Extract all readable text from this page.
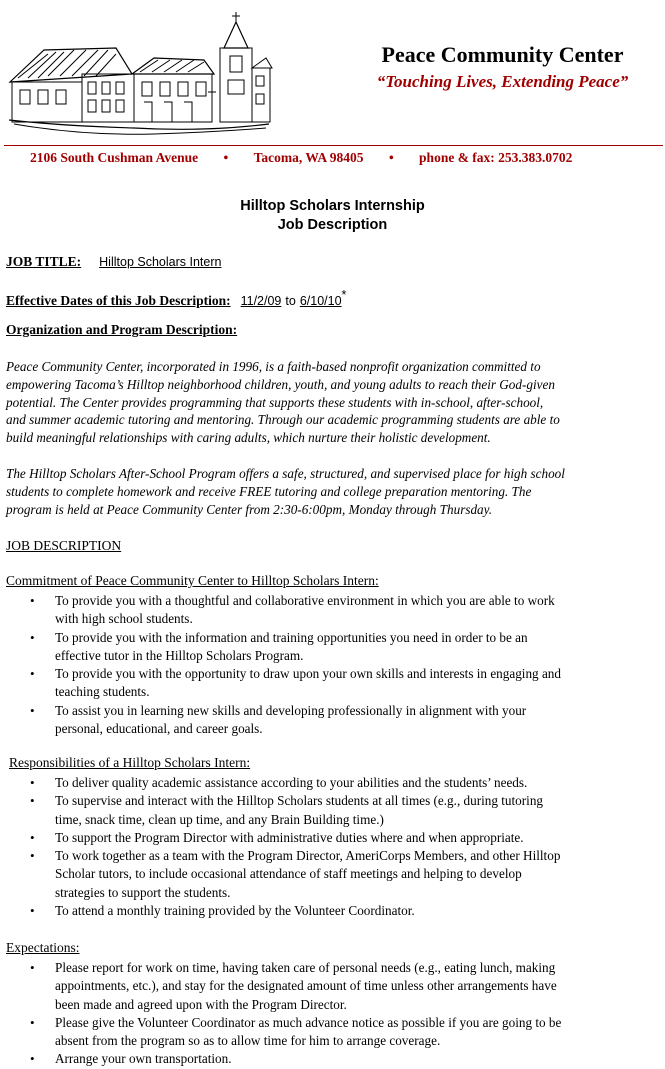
Peace Community Center
“Touching Lives, Extending Peace”
2106 South Cushman Avenue • Tacoma, WA 98405 • phone & fax: 253.383.0702
Hilltop Scholars Internship
Job Description
JOB TITLE: Hilltop Scholars Intern
Effective Dates of this Job Description: 11/2/09 to 6/10/10*
Organization and Program Description:
Peace Community Center, incorporated in 1996, is a faith-based nonprofit organization committed to
empowering Tacoma’s Hilltop neighborhood children, youth, and young adults to reach their God-given
potential. The Center provides programming that supports these students with in-school, after-school,
and summer academic tutoring and mentoring. Through our academic programming students are able to
build meaningful relationships with caring adults, which nurture their holistic development.
The Hilltop Scholars After-School Program offers a safe, structured, and supervised place for high school
students to complete homework and receive FREE tutoring and college preparation mentoring. The
program is held at Peace Community Center from 2:30-6:00pm, Monday through Thursday.
JOB DESCRIPTION
Commitment of Peace Community Center to Hilltop Scholars Intern:
• To provide you with a thoughtful and collaborative environment in which you are able to work
with high school students.
• To provide you with the information and training opportunities you need in order to be an
effective tutor in the Hilltop Scholars Program.
• To provide you with the opportunity to draw upon your own skills and interests in engaging and
teaching students.
• To assist you in learning new skills and developing professionally in alignment with your
personal, educational, and career goals.
Responsibilities of a Hilltop Scholars Intern:
• To deliver quality academic assistance according to your abilities and the students’ needs.
• To supervise and interact with the Hilltop Scholars students at all times (e.g., during tutoring
time, snack time, clean up time, and any Brain Building time.)
• To support the Program Director with administrative duties where and when appropriate.
• To work together as a team with the Program Director, AmeriCorps Members, and other Hilltop
Scholar tutors, to include occasional attendance of staff meetings and helping to develop
strategies to support the students.
• To attend a monthly training provided by the Volunteer Coordinator.
Expectations:
• Please report for work on time, having taken care of personal needs (e.g., eating lunch, making
appointments, etc.), and stay for the designated amount of time unless other arrangements have
been made and agreed upon with the Program Director.
• Please give the Volunteer Coordinator as much advance notice as possible if you are going to be
absent from the program so as to allow time for him to arrange coverage.
• Arrange your own transportation.
